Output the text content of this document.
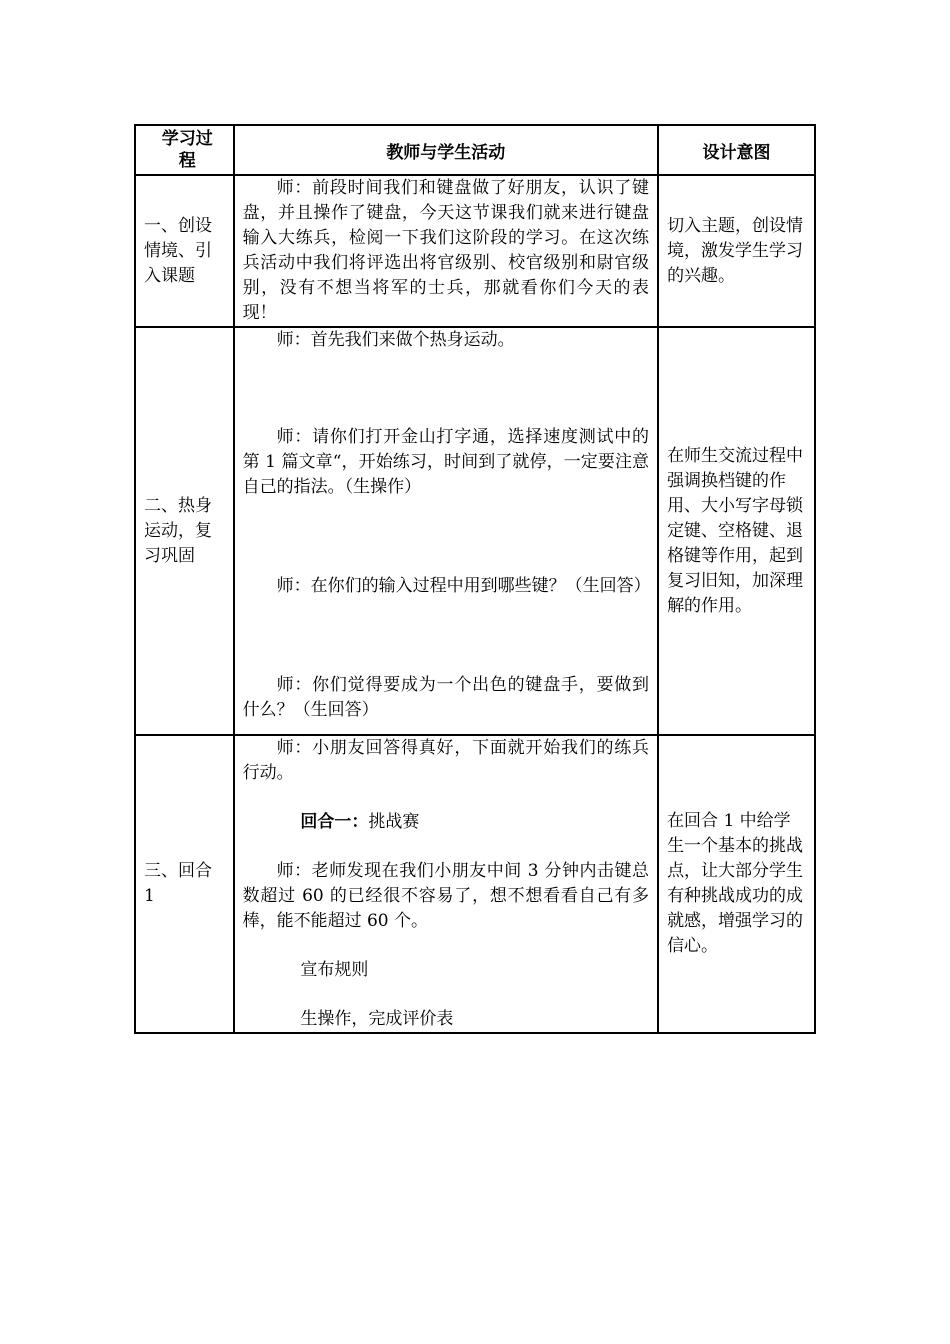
学习过
程	教师与学生活动	设计意图
一、创设情境、引入课题	师：前段时间我们和键盘做了好朋友，认识了键盘，并且操作了键盘，今天这节课我们就来进行键盘输入大练兵，检阅一下我们这阶段的学习。在这次练兵活动中我们将评选出将官级别、校官级别和尉官级别，没有不想当将军的士兵，那就看你们今天的表现！	切入主题，创设情境，激发学生学习的兴趣。
二、热身运动，复习巩固	师：首先我们来做个热身运动。

师：请你们打开金山打字通，选择速度测试中的第 1 篇文章“，开始练习，时间到了就停，一定要注意自己的指法。（生操作）

师：在你们的输入过程中用到哪些键？（生回答）

师：你们觉得要成为一个出色的键盘手，要做到什么？（生回答）	在师生交流过程中强调换档键的作用、大小写字母锁定键、空格键、退格键等作用，起到复习旧知，加深理解的作用。
三、回合 1	师：小朋友回答得真好，下面就开始我们的练兵行动。

回合一：挑战赛

师：老师发现在我们小朋友中间 3 分钟内击键总数超过 60 的已经很不容易了，想不想看看自己有多棒，能不能超过 60 个。

宣布规则

生操作，完成评价表	在回合 1 中给学生一个基本的挑战点，让大部分学生有种挑战成功的成就感，增强学习的信心。
